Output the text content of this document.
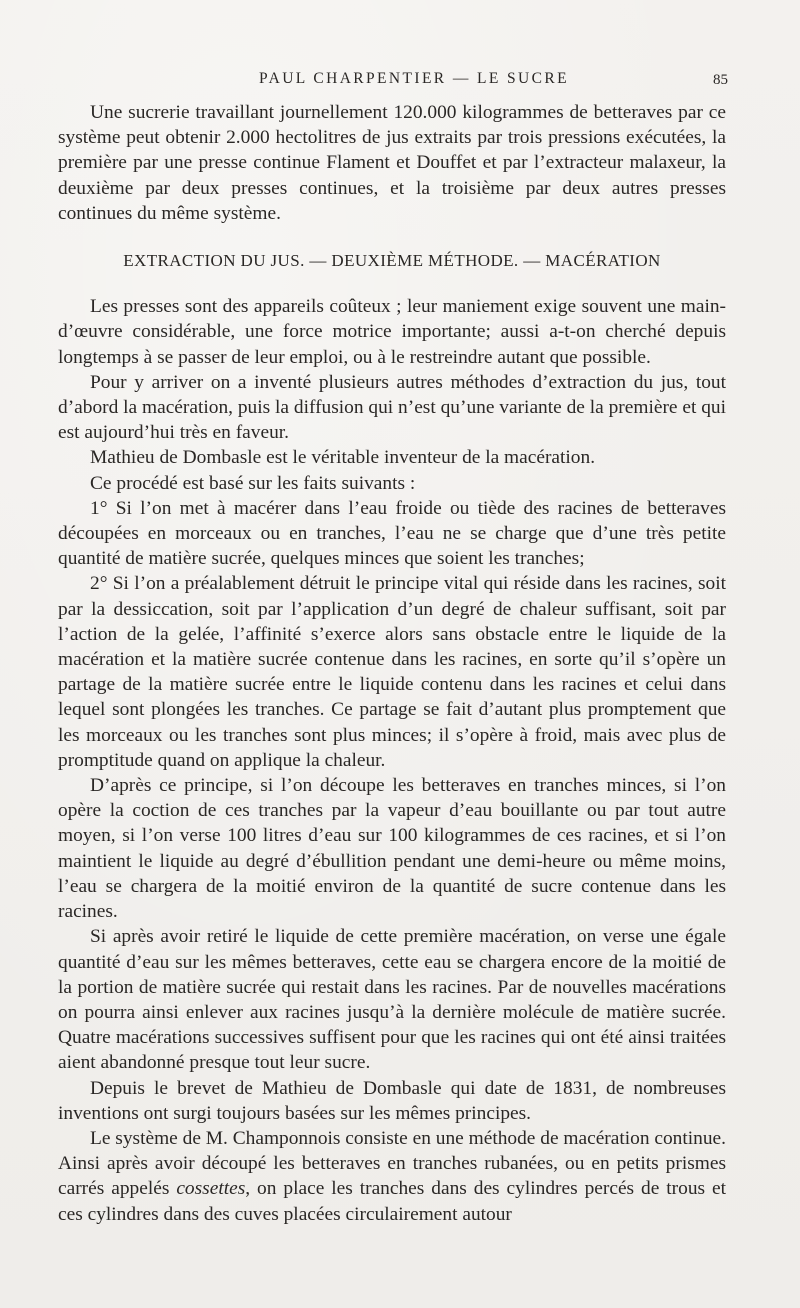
PAUL CHARPENTIER — LE SUCRE	85

Une sucrerie travaillant journellement 120.000 kilogrammes de betteraves par ce système peut obtenir 2.000 hectolitres de jus extraits par trois pressions exécutées, la première par une presse continue Flament et Douffet et par l’extracteur malaxeur, la deuxième par deux presses continues, et la troisième par deux autres presses continues du même système.

EXTRACTION DU JUS. — DEUXIÈME MÉTHODE. — MACÉRATION

Les presses sont des appareils coûteux ; leur maniement exige souvent une main-d’œuvre considérable, une force motrice importante; aussi a-t-on cherché depuis longtemps à se passer de leur emploi, ou à le restreindre autant que possible.

Pour y arriver on a inventé plusieurs autres méthodes d’extraction du jus, tout d’abord la macération, puis la diffusion qui n’est qu’une variante de la première et qui est aujourd’hui très en faveur.

Mathieu de Dombasle est le véritable inventeur de la macération.

Ce procédé est basé sur les faits suivants :

1° Si l’on met à macérer dans l’eau froide ou tiède des racines de betteraves découpées en morceaux ou en tranches, l’eau ne se charge que d’une très petite quantité de matière sucrée, quelques minces que soient les tranches;

2° Si l’on a préalablement détruit le principe vital qui réside dans les racines, soit par la dessiccation, soit par l’application d’un degré de chaleur suffisant, soit par l’action de la gelée, l’affinité s’exerce alors sans obstacle entre le liquide de la macération et la matière sucrée contenue dans les racines, en sorte qu’il s’opère un partage de la matière sucrée entre le liquide contenu dans les racines et celui dans lequel sont plongées les tranches. Ce partage se fait d’autant plus promptement que les morceaux ou les tranches sont plus minces; il s’opère à froid, mais avec plus de promptitude quand on applique la chaleur.

D’après ce principe, si l’on découpe les betteraves en tranches minces, si l’on opère la coction de ces tranches par la vapeur d’eau bouillante ou par tout autre moyen, si l’on verse 100 litres d’eau sur 100 kilogrammes de ces racines, et si l’on maintient le liquide au degré d’ébullition pendant une demi-heure ou même moins, l’eau se chargera de la moitié environ de la quantité de sucre contenue dans les racines.

Si après avoir retiré le liquide de cette première macération, on verse une égale quantité d’eau sur les mêmes betteraves, cette eau se chargera encore de la moitié de la portion de matière sucrée qui restait dans les racines. Par de nouvelles macérations on pourra ainsi enlever aux racines jusqu’à la dernière molécule de matière sucrée. Quatre macérations successives suffisent pour que les racines qui ont été ainsi traitées aient abandonné presque tout leur sucre.

Depuis le brevet de Mathieu de Dombasle qui date de 1831, de nombreuses inventions ont surgi toujours basées sur les mêmes principes.

Le système de M. Champonnois consiste en une méthode de macération continue. Ainsi après avoir découpé les betteraves en tranches rubanées, ou en petits prismes carrés appelés cossettes, on place les tranches dans des cylindres percés de trous et ces cylindres dans des cuves placées circulairement autour
